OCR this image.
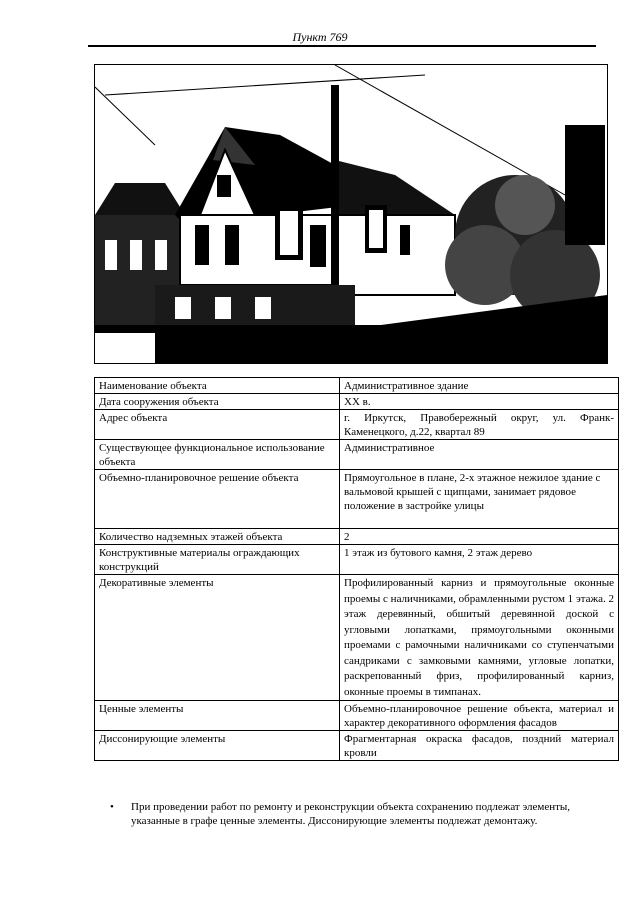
Пункт 769
Наименование объекта	Административное здание
Дата сооружения объекта	XX в.
Адрес объекта	г. Иркутск, Правобережный округ, ул. Франк-Каменецкого, д.22, квартал 89
Существующее функциональное использование объекта	Административное
Объемно-планировочное решение объекта	Прямоугольное в плане, 2-х этажное нежилое здание с вальмовой крышей с щипцами, занимает рядовое положение в застройке улицы
Количество надземных этажей объекта	2
Конструктивные материалы ограждающих конструкций	1 этаж из бутового камня, 2 этаж дерево
Декоративные элементы	Профилированный карниз и прямоугольные оконные проемы с наличниками, обрамленными рустом 1 этажа. 2 этаж деревянный, обшитый деревянной доской с угловыми лопатками, прямоугольными оконными проемами с рамочными наличниками со ступенчатыми сандриками с замковыми камнями, угловые лопатки, раскрепованный фриз, профилированный карниз, оконные проемы в тимпанах.
Ценные элементы	Объемно-планировочное решение объекта, материал и характер декоративного оформления фасадов
Диссонирующие элементы	Фрагментарная окраска фасадов, поздний материал кровли
• При проведении работ по ремонту и реконструкции объекта сохранению подлежат элементы, указанные в графе ценные элементы. Диссонирующие элементы подлежат демонтажу.
